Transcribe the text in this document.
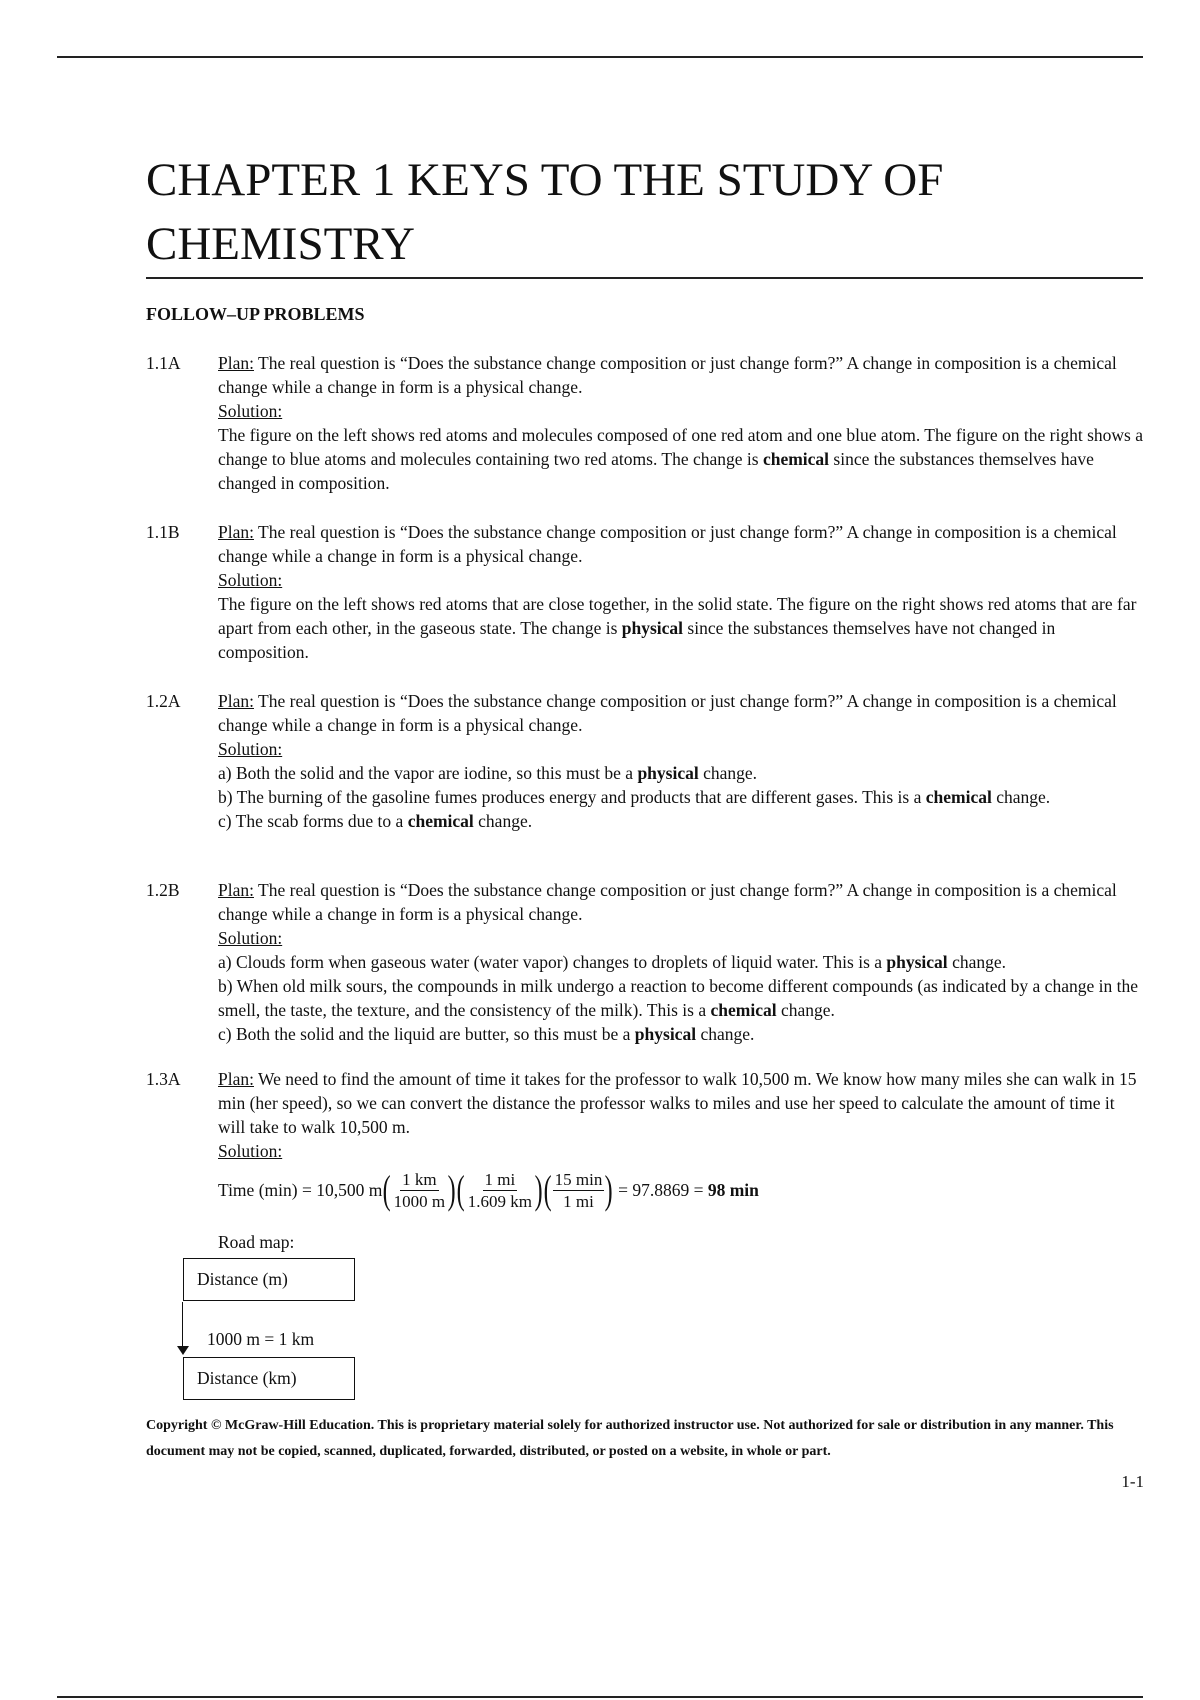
CHAPTER 1 KEYS TO THE STUDY OF CHEMISTRY
FOLLOW–UP PROBLEMS
1.1A Plan: The real question is “Does the substance change composition or just change form?” A change in composition is a chemical change while a change in form is a physical change.

Solution:

The figure on the left shows red atoms and molecules composed of one red atom and one blue atom. The figure on the right shows a change to blue atoms and molecules containing two red atoms. The change is chemical since the substances themselves have changed in composition.

1.1B Plan: The real question is “Does the substance change composition or just change form?” A change in composition is a chemical change while a change in form is a physical change.

Solution:

The figure on the left shows red atoms that are close together, in the solid state. The figure on the right shows red atoms that are far apart from each other, in the gaseous state. The change is physical since the substances themselves have not changed in composition.

1.2A Plan: The real question is “Does the substance change composition or just change form?” A change in composition is a chemical change while a change in form is a physical change.

Solution:

a) Both the solid and the vapor are iodine, so this must be a physical change.

b) The burning of the gasoline fumes produces energy and products that are different gases. This is a chemical change.

c) The scab forms due to a chemical change.

1.2B Plan: The real question is “Does the substance change composition or just change form?” A change in composition is a chemical change while a change in form is a physical change.

Solution:

a) Clouds form when gaseous water (water vapor) changes to droplets of liquid water. This is a physical change.

b) When old milk sours, the compounds in milk undergo a reaction to become different compounds (as indicated by a change in the smell, the taste, the texture, and the consistency of the milk). This is a chemical change.

c) Both the solid and the liquid are butter, so this must be a physical change.

1.3A Plan: We need to find the amount of time it takes for the professor to walk 10,500 m. We know how many miles she can walk in 15 min (her speed), so we can convert the distance the professor walks to miles and use her speed to calculate the amount of time it will take to walk 10,500 m.

Solution:

Time (min) = 10,500 m ( $\frac{1 km}{1000 m}$ ) ( $\frac{1 mi}{1.609 km}$ ) ( $\frac{15 \min}{1 mi}$ ) = 97.8869 = 98 min
Road map:
Distance (m)
1000 m = 1 km
Distance (km)

Copyright © McGraw-Hill Education. This is proprietary material solely for authorized instructor use. Not authorized for sale or distribution in any manner. This document may not be copied, scanned, duplicated, forwarded, distributed, or posted on a website, in whole or part.

1-1
